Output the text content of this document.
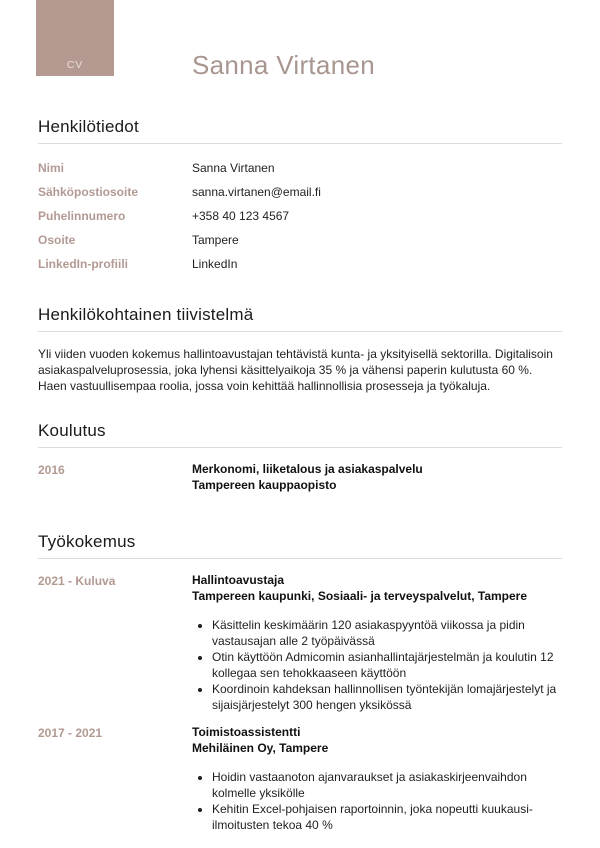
CV	Sanna Virtanen
Henkilötiedot
Nimi	Sanna Virtanen
Sähköpostiosoite	sanna.virtanen@email.fi
Puhelinnumero	+358 40 123 4567
Osoite	Tampere
LinkedIn-profiili	LinkedIn
Henkilökohtainen tiivistelmä

Yli viiden vuoden kokemus hallintoavustajan tehtävistä kunta- ja yksityisellä sektorilla. Digitalisoin asiakaspalveluprosessia, joka lyhensi käsittelyaikoja 35 % ja vähensi paperin kulutusta 60 %. Haen vastuullisempaa roolia, jossa voin kehittää hallinnollisia prosesseja ja työkaluja.

Koulutus
2016	Merkonomi, liiketalous ja asiakaspalvelu
Tampereen kauppaopisto
Työkokemus
2021 - Kuluva	Hallintoavustaja
Tampereen kaupunki, Sosiaali- ja terveyspalvelut, Tampere
• Käsittelin keskimäärin 120 asiakaspyyntöä viikossa ja pidin vastausajan alle 2 työpäivässä
• Otin käyttöön Admicomin asianhallintajärjestelmän ja koulutin 12 kollegaa sen tehokkaaseen käyttöön
• Koordinoin kahdeksan hallinnollisen työntekijän lomajärjestelyt ja sijaisjärjestelyt 300 hengen yksikössä
2017 - 2021	Toimistoassistentti
Mehiläinen Oy, Tampere
• Hoidin vastaanoton ajanvaraukset ja asiakaskirjeenvaihdon kolmelle yksikölle
• Kehitin Excel-pohjaisen raportoinnin, joka nopeutti kuukausi-ilmoitusten tekoa 40 %
